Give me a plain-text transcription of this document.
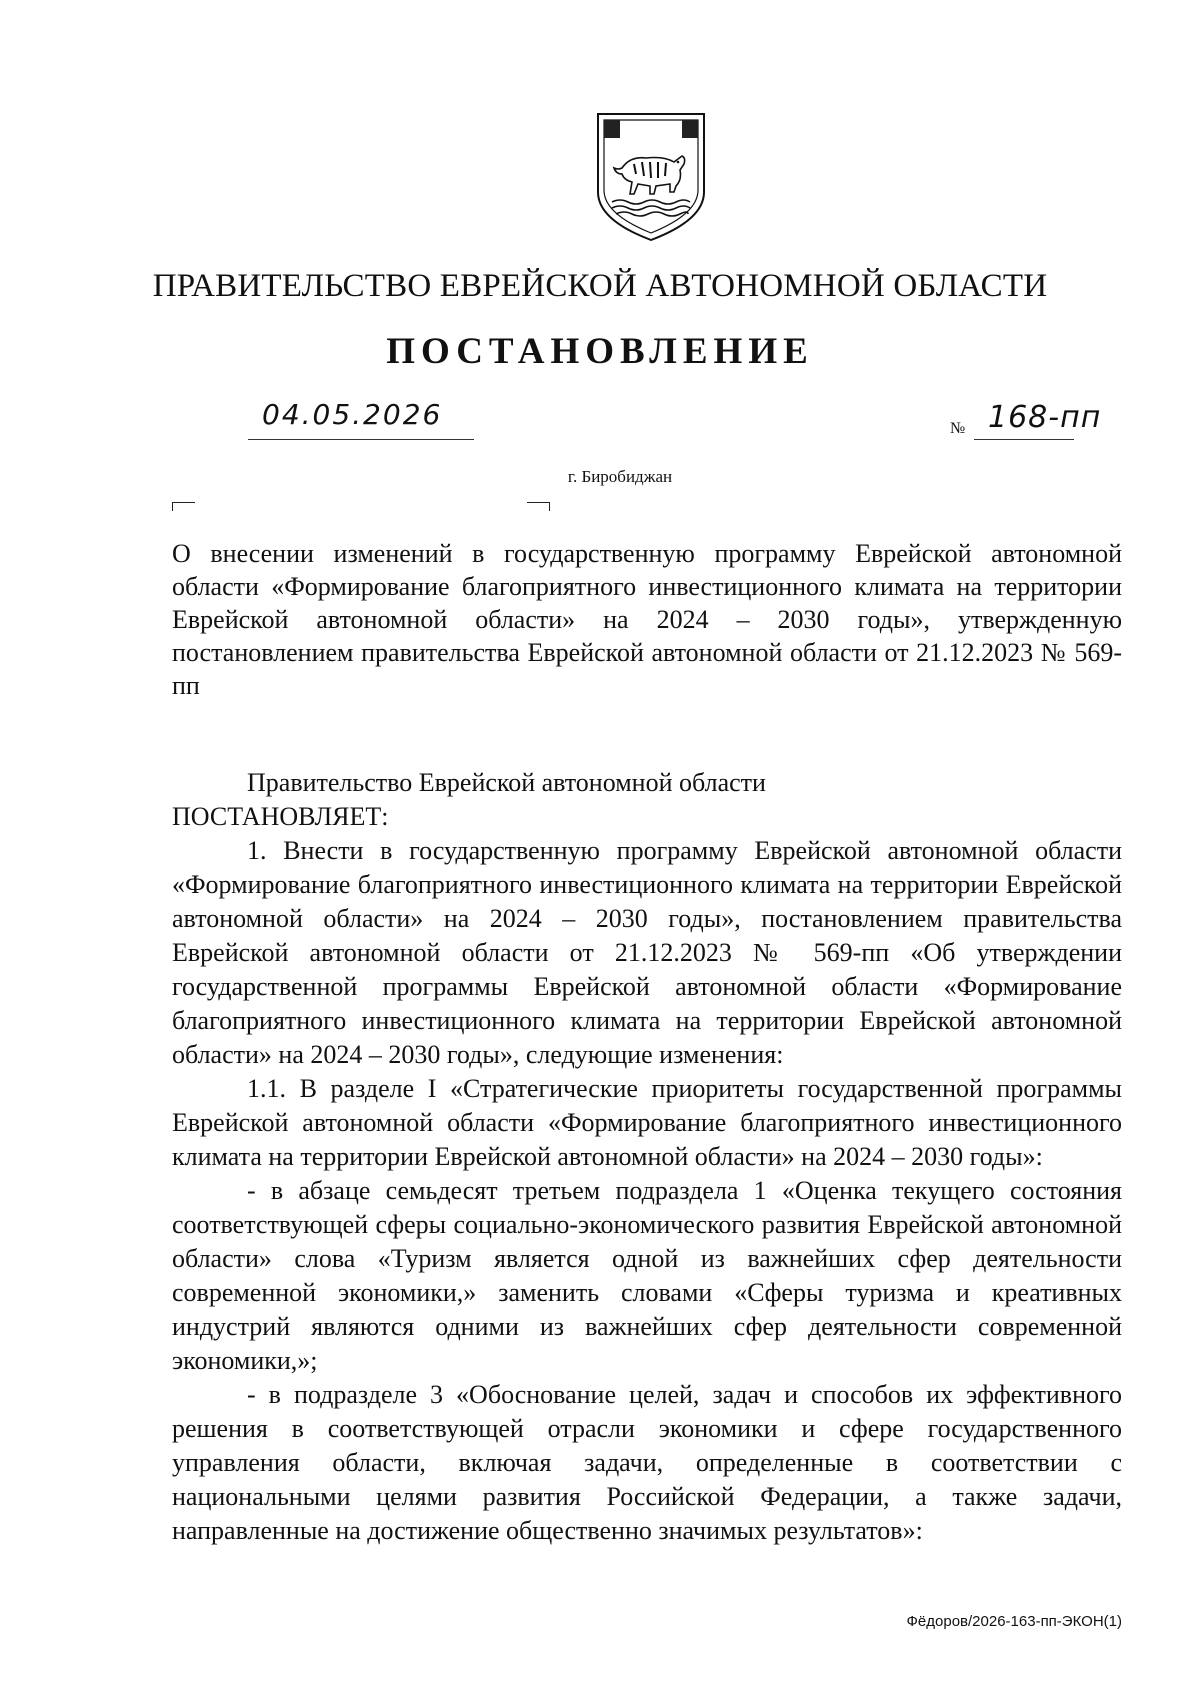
ПРАВИТЕЛЬСТВО ЕВРЕЙСКОЙ АВТОНОМНОЙ ОБЛАСТИ
ПОСТАНОВЛЕНИЕ
04.05.2026	№ 168-пп
г. Биробиджан
О внесении изменений в государственную программу Еврейской автономной области «Формирование благоприятного инвестиционного климата на территории Еврейской автономной области» на 2024 – 2030 годы», утвержденную постановлением правительства Еврейской автономной области от 21.12.2023 № 569-пп

Правительство Еврейской автономной области

ПОСТАНОВЛЯЕТ:

1. Внести в государственную программу Еврейской автономной области «Формирование благоприятного инвестиционного климата на территории Еврейской автономной области» на 2024 – 2030 годы», постановлением правительства Еврейской автономной области от 21.12.2023 № 569-пп «Об утверждении государственной программы Еврейской автономной области «Формирование благоприятного инвестиционного климата на территории Еврейской автономной области» на 2024 – 2030 годы», следующие изменения:

1.1. В разделе I «Стратегические приоритеты государственной программы Еврейской автономной области «Формирование благоприятного инвестиционного климата на территории Еврейской автономной области» на 2024 – 2030 годы»:

- в абзаце семьдесят третьем подраздела 1 «Оценка текущего состояния соответствующей сферы социально-экономического развития Еврейской автономной области» слова «Туризм является одной из важнейших сфер деятельности современной экономики,» заменить словами «Сферы туризма и креативных индустрий являются одними из важнейших сфер деятельности современной экономики,»;

- в подразделе 3 «Обоснование целей, задач и способов их эффективного решения в соответствующей отрасли экономики и сфере государственного управления области, включая задачи, определенные в соответствии с национальными целями развития Российской Федерации, а также задачи, направленные на достижение общественно значимых результатов»:

Фёдоров/2026-163-пп-ЭКОН(1)
